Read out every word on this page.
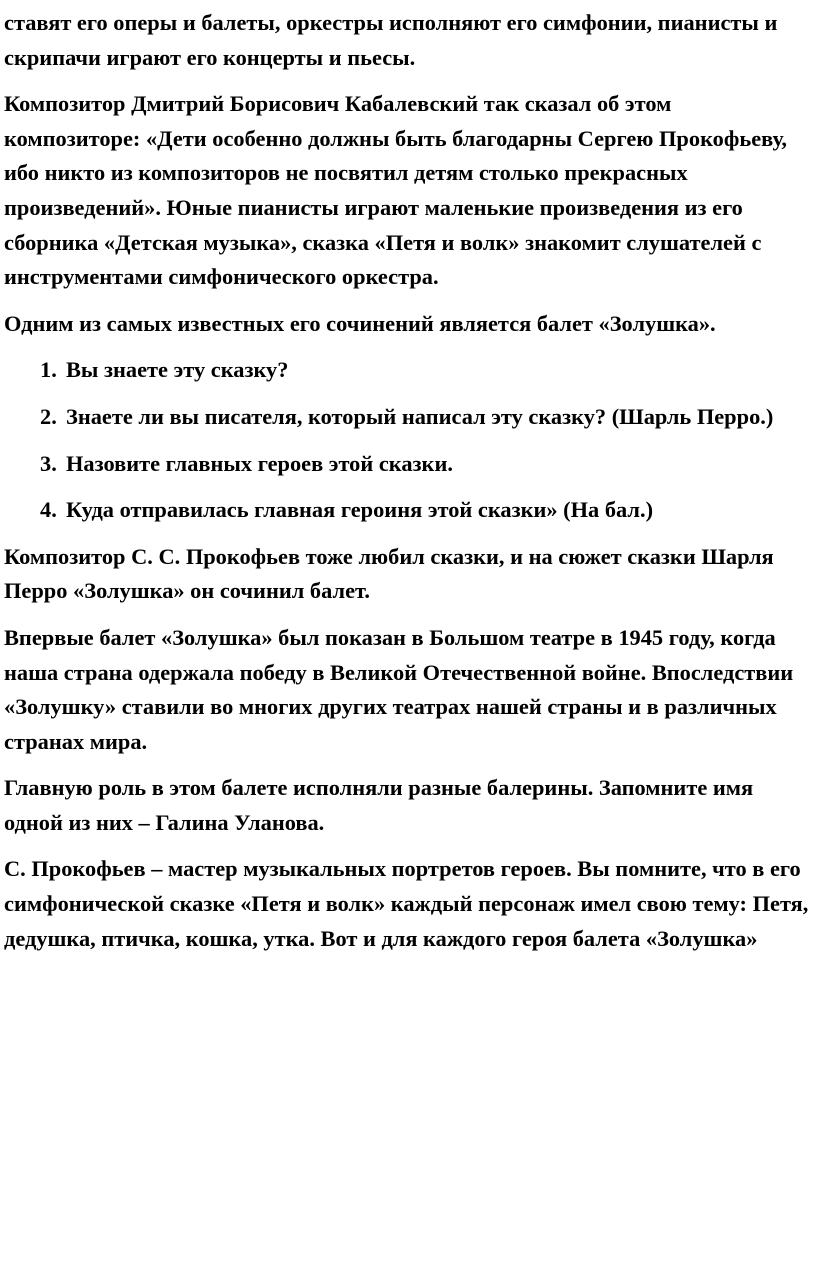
ставят его оперы и балеты, оркестры исполняют его симфонии, пианисты и скрипачи играют его концерты и пьесы.

Композитор Дмитрий Борисович Кабалевский так сказал об этом композиторе: «Дети особенно должны быть благодарны Сергею Прокофьеву, ибо никто из композиторов не посвятил детям столько прекрасных произведений». Юные пианисты играют маленькие произведения из его сборника «Детская музыка», сказка «Петя и волк» знакомит слушателей с инструментами симфонического оркестра.

Одним из самых известных его сочинений является балет «Золушка».

1. Вы знаете эту сказку?
2. Знаете ли вы писателя, который написал эту сказку? (Шарль Перро.)
3. Назовите главных героев этой сказки.
4. Куда отправилась главная героиня этой сказки» (На бал.)

Композитор С. С. Прокофьев тоже любил сказки, и на сюжет сказки Шарля Перро «Золушка» он сочинил балет.

Впервые балет «Золушка» был показан в Большом театре в 1945 году, когда наша страна одержала победу в Великой Отечественной войне. Впоследствии «Золушку» ставили во многих других театрах нашей страны и в различных странах мира.

Главную роль в этом балете исполняли разные балерины. Запомните имя одной из них – Галина Уланова.

С. Прокофьев – мастер музыкальных портретов героев. Вы помните, что в его симфонической сказке «Петя и волк» каждый персонаж имел свою тему: Петя, дедушка, птичка, кошка, утка. Вот и для каждого героя балета «Золушка»
